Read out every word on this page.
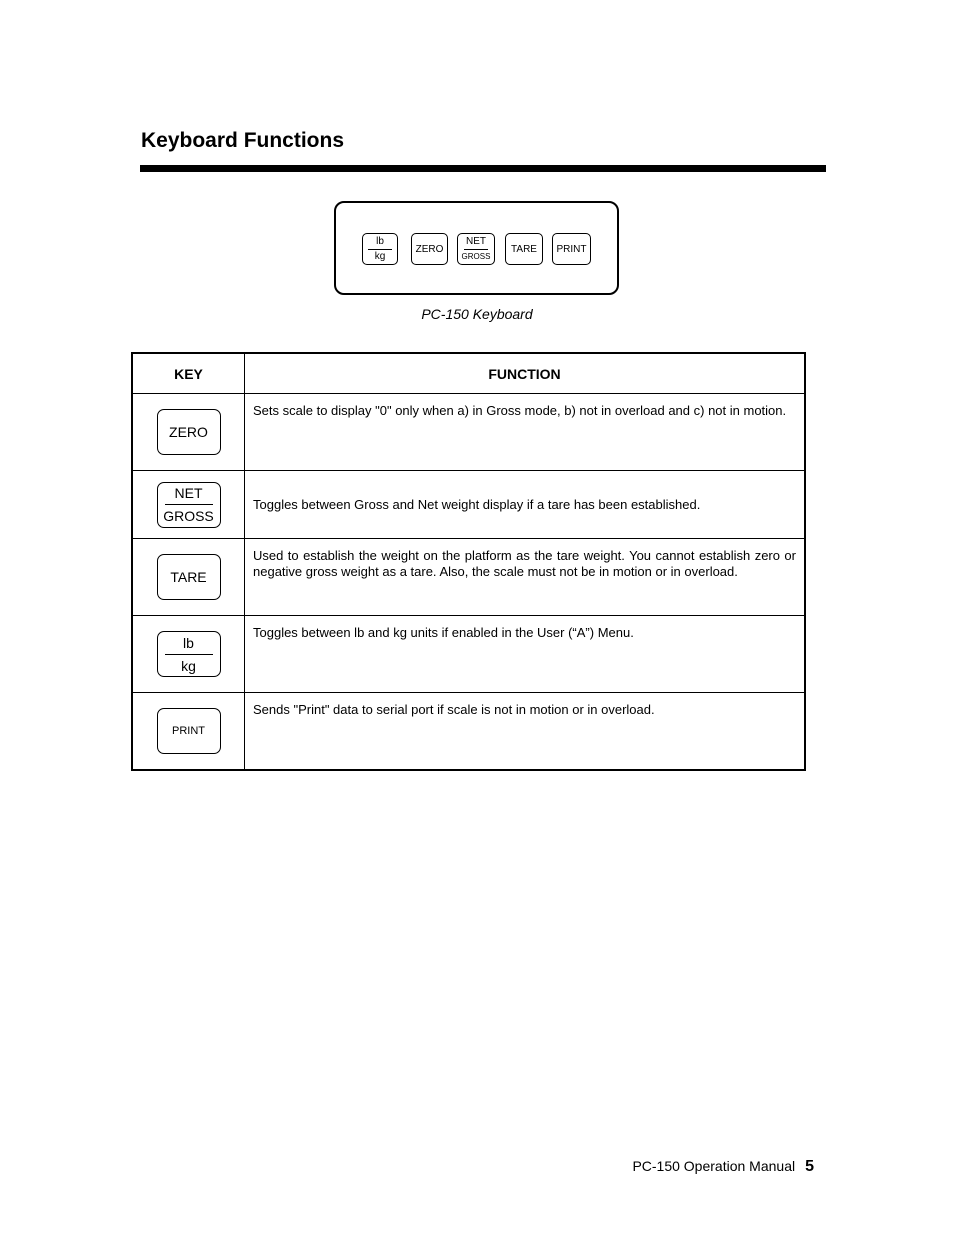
Keyboard Functions
lb
kg
ZERO
NET
GROSS
TARE PRINT
PC-150 Keyboard
KEY	FUNCTION

ZERO	Sets scale to display "0" only when a) in Gross mode, b) not in overload and c) not in motion.

NET
GROSS	Toggles between Gross and Net weight display if a tare has been established.

TARE	Used to establish the weight on the platform as the tare weight. You cannot establish zero or negative gross weight as a tare. Also, the scale must not be in motion or in overload.

$\frac{lb}{kg}$	Toggles between lb and kg units if enabled in the User (“A”) Menu.

PRINT	Sends "Print" data to serial port if scale is not in motion or in overload.
PC-150 Operation Manual 5
